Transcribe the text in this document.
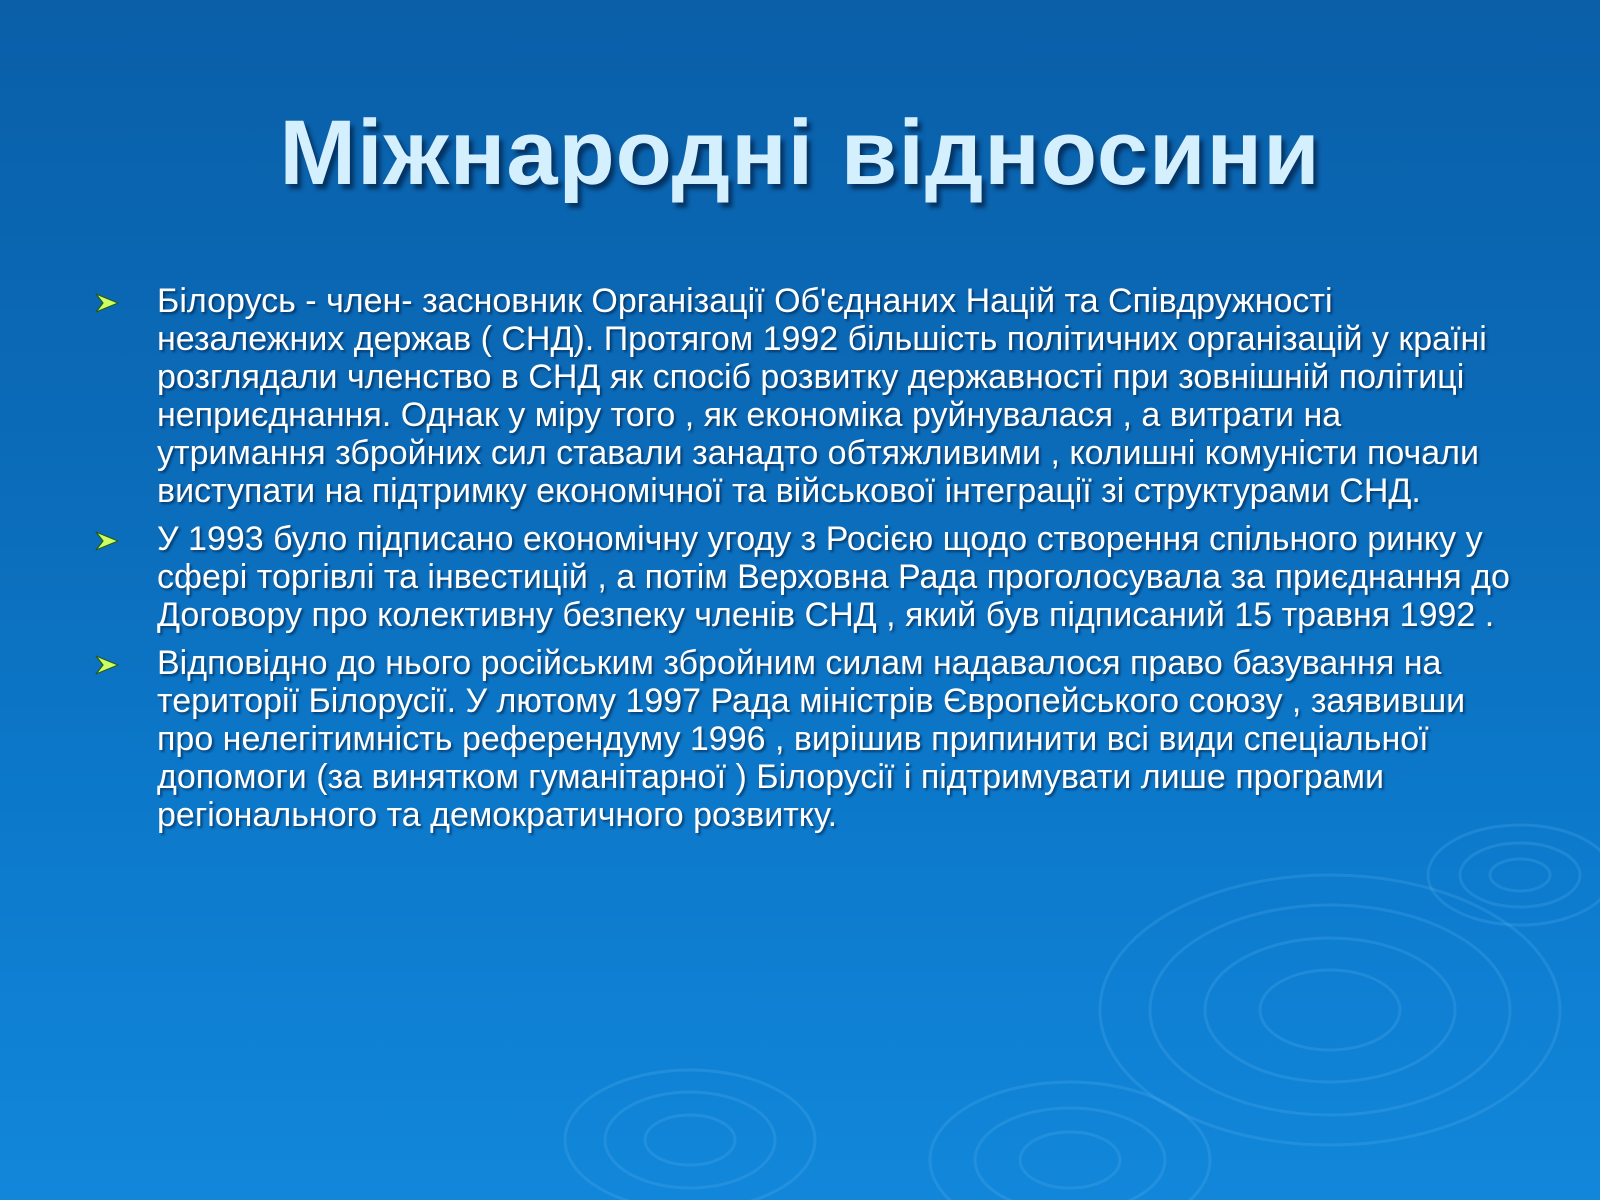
Міжнародні відносини
Білорусь - член- засновник Організації Об'єднаних Націй та Співдружності незалежних держав ( СНД). Протягом 1992 більшість політичних організацій у країні розглядали членство в СНД як спосіб розвитку державності при зовнішній політиці неприєднання. Однак у міру того , як економіка руйнувалася , а витрати на утримання збройних сил ставали занадто обтяжливими , колишні комуністи почали виступати на підтримку економічної та військової інтеграції зі структурами СНД.
У 1993 було підписано економічну угоду з Росією щодо створення спільного ринку у сфері торгівлі та інвестицій , а потім Верховна Рада проголосувала за приєднання до Договору про колективну безпеку членів СНД , який був підписаний 15 травня 1992 .
Відповідно до нього російським збройним силам надавалося право базування на території Білорусії. У лютому 1997 Рада міністрів Європейського союзу , заявивши про нелегітимність референдуму 1996 , вирішив припинити всі види спеціальної допомоги (за винятком гуманітарної ) Білорусії і підтримувати лише програми регіонального та демократичного розвитку.
